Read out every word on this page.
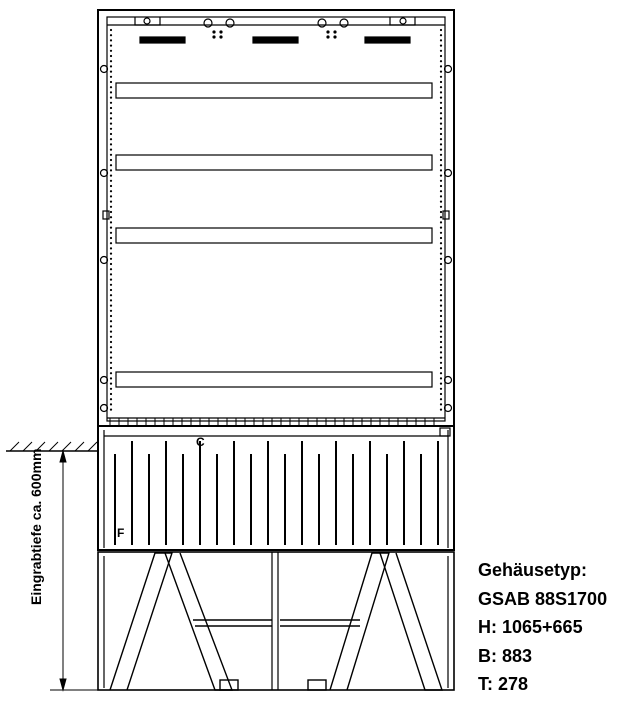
C
F
Eingrabtiefe ca. 600mm	Gehäusetyp:
GSAB 88S1700
H: 1065+665
B: 883
T: 278
